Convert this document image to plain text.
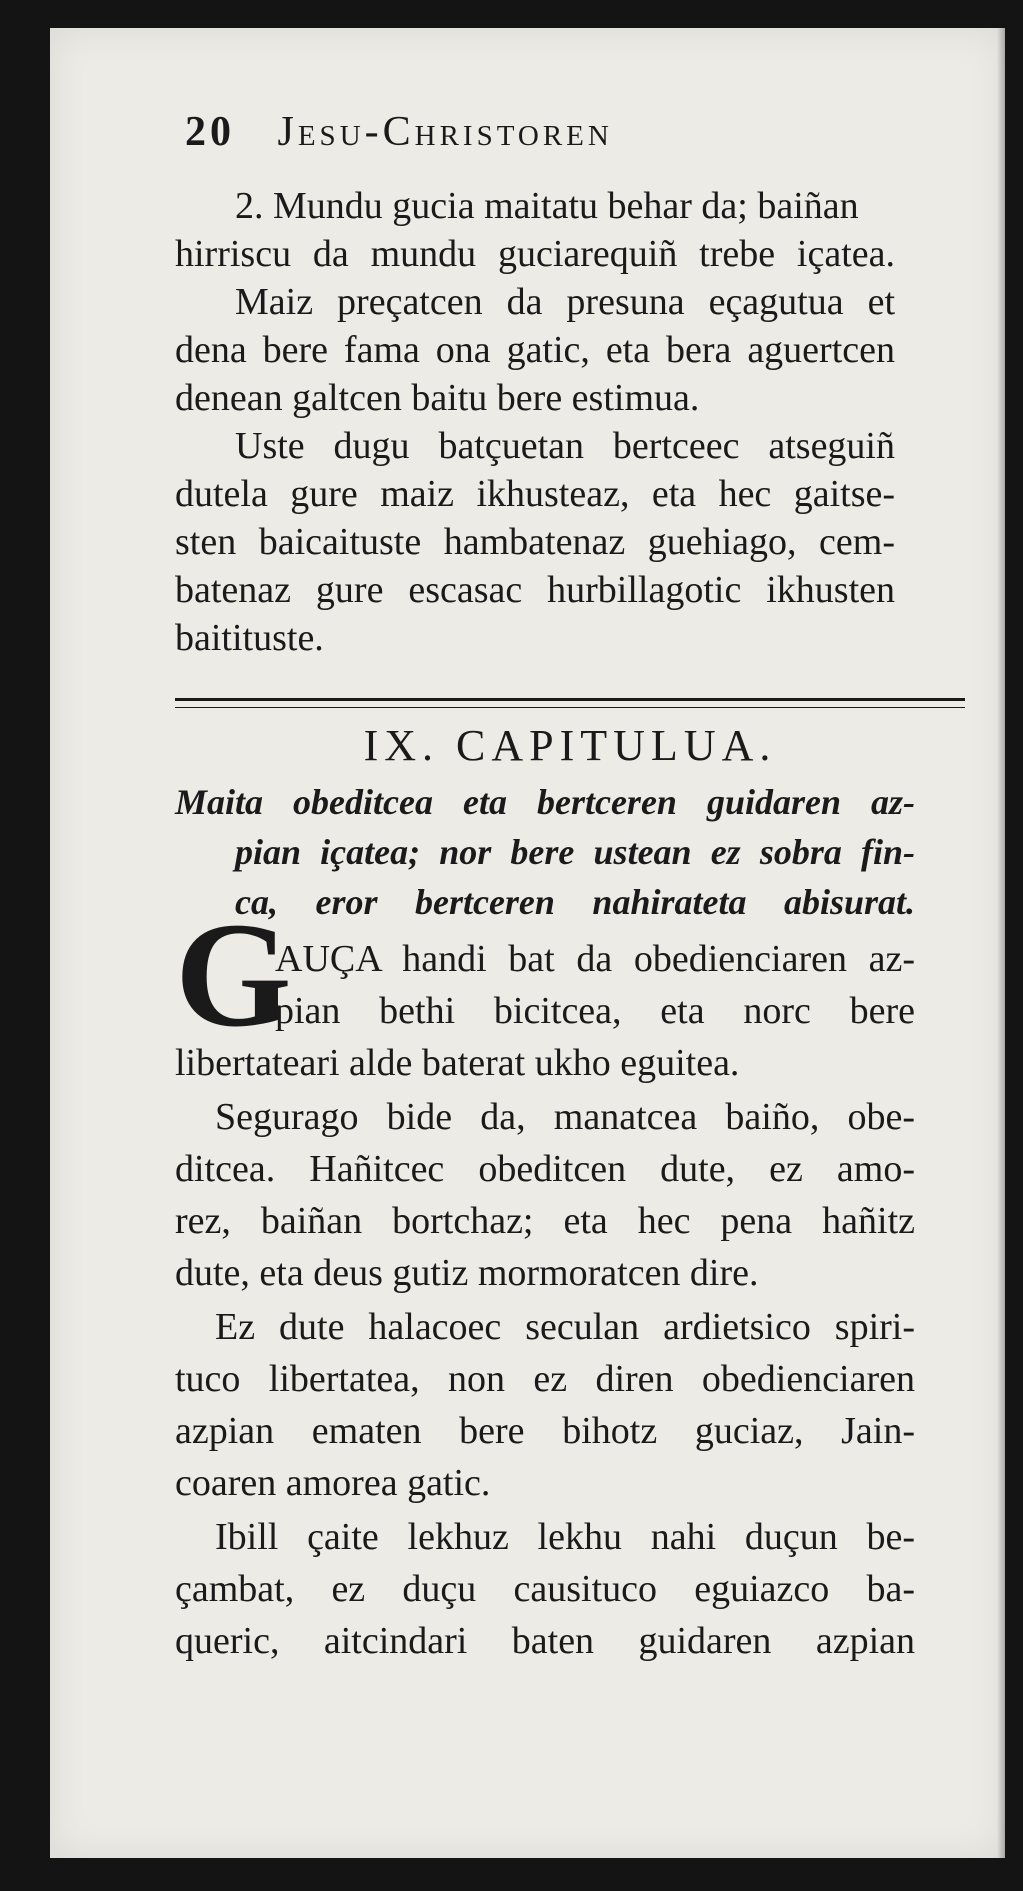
20 Jesu-Christoren
2. Mundu gucia maitatu behar da; baiñan
hirriscu da mundu guciarequiñ trebe içatea.
Maiz preçatcen da presuna eçagutua et
dena bere fama ona gatic, eta bera aguertcen
denean galtcen baitu bere estimua.
Uste dugu batçuetan bertceec atseguiñ
dutela gure maiz ikhusteaz, eta hec gaitse-
sten baicaituste hambatenaz guehiago, cem-
batenaz gure escasac hurbillagotic ikhusten
baitituste.
IX. CAPITULUA.
Maita obeditcea eta bertceren guidaren az-
pian içatea; nor bere ustean ez sobra fin-
ca, eror bertceren nahirateta abisurat.
G
AUÇA handi bat da obedienciaren az-
pian bethi bicitcea, eta norc bere
libertateari alde baterat ukho eguitea.
Segurago bide da, manatcea baiño, obe-
ditcea. Hañitcec obeditcen dute, ez amo-
rez, baiñan bortchaz; eta hec pena hañitz
dute, eta deus gutiz mormoratcen dire.
Ez dute halacoec seculan ardietsico spiri-
tuco libertatea, non ez diren obedienciaren
azpian ematen bere bihotz guciaz, Jain-
coaren amorea gatic.
Ibill çaite lekhuz lekhu nahi duçun be-
çambat, ez duçu causituco eguiazco ba-
queric, aitcindari baten guidaren azpian
